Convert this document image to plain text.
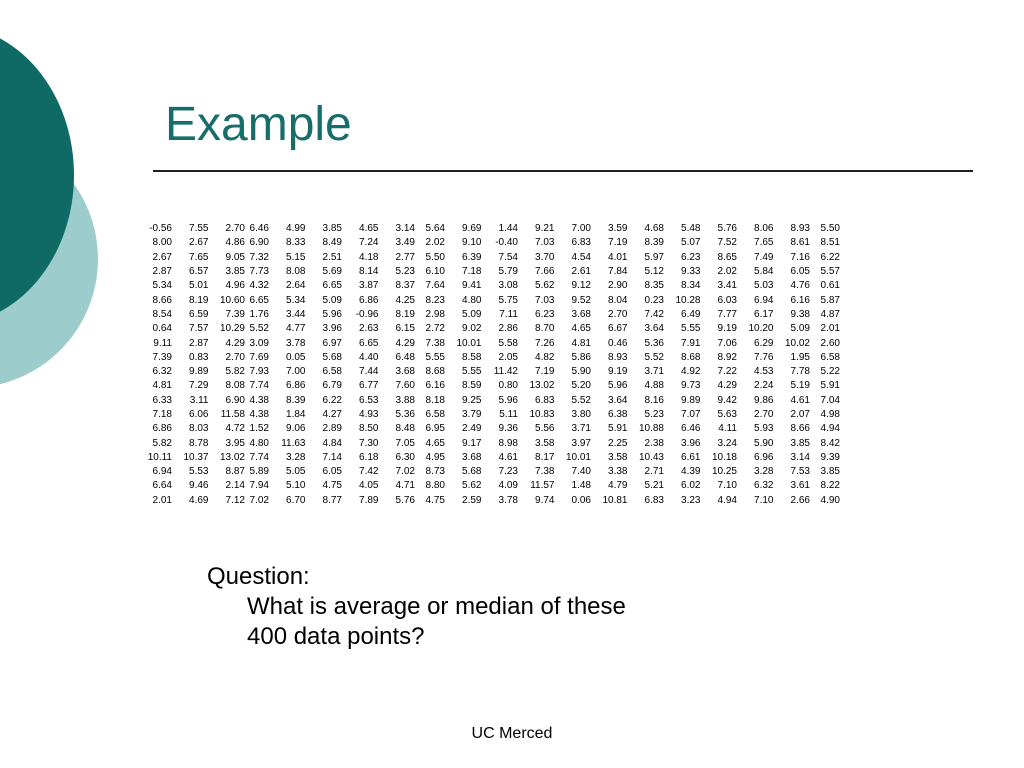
Example
-0.56	7.55	2.70	6.46	4.99	3.85	4.65	3.14	5.64	9.69	1.44	9.21	7.00	3.59	4.68	5.48	5.76	8.06	8.93	5.50
8.00	2.67	4.86	6.90	8.33	8.49	7.24	3.49	2.02	9.10	-0.40	7.03	6.83	7.19	8.39	5.07	7.52	7.65	8.61	8.51
2.67	7.65	9.05	7.32	5.15	2.51	4.18	2.77	5.50	6.39	7.54	3.70	4.54	4.01	5.97	6.23	8.65	7.49	7.16	6.22
2.87	6.57	3.85	7.73	8.08	5.69	8.14	5.23	6.10	7.18	5.79	7.66	2.61	7.84	5.12	9.33	2.02	5.84	6.05	5.57
5.34	5.01	4.96	4.32	2.64	6.65	3.87	8.37	7.64	9.41	3.08	5.62	9.12	2.90	8.35	8.34	3.41	5.03	4.76	0.61
8.66	8.19	10.60	6.65	5.34	5.09	6.86	4.25	8.23	4.80	5.75	7.03	9.52	8.04	0.23	10.28	6.03	6.94	6.16	5.87
8.54	6.59	7.39	1.76	3.44	5.96	-0.96	8.19	2.98	5.09	7.11	6.23	3.68	2.70	7.42	6.49	7.77	6.17	9.38	4.87
0.64	7.57	10.29	5.52	4.77	3.96	2.63	6.15	2.72	9.02	2.86	8.70	4.65	6.67	3.64	5.55	9.19	10.20	5.09	2.01
9.11	2.87	4.29	3.09	3.78	6.97	6.65	4.29	7.38	10.01	5.58	7.26	4.81	0.46	5.36	7.91	7.06	6.29	10.02	2.60
7.39	0.83	2.70	7.69	0.05	5.68	4.40	6.48	5.55	8.58	2.05	4.82	5.86	8.93	5.52	8.68	8.92	7.76	1.95	6.58
6.32	9.89	5.82	7.93	7.00	6.58	7.44	3.68	8.68	5.55	11.42	7.19	5.90	9.19	3.71	4.92	7.22	4.53	7.78	5.22
4.81	7.29	8.08	7.74	6.86	6.79	6.77	7.60	6.16	8.59	0.80	13.02	5.20	5.96	4.88	9.73	4.29	2.24	5.19	5.91
6.33	3.11	6.90	4.38	8.39	6.22	6.53	3.88	8.18	9.25	5.96	6.83	5.52	3.64	8.16	9.89	9.42	9.86	4.61	7.04
7.18	6.06	11.58	4.38	1.84	4.27	4.93	5.36	6.58	3.79	5.11	10.83	3.80	6.38	5.23	7.07	5.63	2.70	2.07	4.98
6.86	8.03	4.72	1.52	9.06	2.89	8.50	8.48	6.95	2.49	9.36	5.56	3.71	5.91	10.88	6.46	4.11	5.93	8.66	4.94
5.82	8.78	3.95	4.80	11.63	4.84	7.30	7.05	4.65	9.17	8.98	3.58	3.97	2.25	2.38	3.96	3.24	5.90	3.85	8.42
10.11	10.37	13.02	7.74	3.28	7.14	6.18	6.30	4.95	3.68	4.61	8.17	10.01	3.58	10.43	6.61	10.18	6.96	3.14	9.39
6.94	5.53	8.87	5.89	5.05	6.05	7.42	7.02	8.73	5.68	7.23	7.38	7.40	3.38	2.71	4.39	10.25	3.28	7.53	3.85
6.64	9.46	2.14	7.94	5.10	4.75	4.05	4.71	8.80	5.62	4.09	11.57	1.48	4.79	5.21	6.02	7.10	6.32	3.61	8.22
2.01	4.69	7.12	7.02	6.70	8.77	7.89	5.76	4.75	2.59	3.78	9.74	0.06	10.81	6.83	3.23	4.94	7.10	2.66	4.90
Question:
What is average or median of these
400 data points?
UC Merced
